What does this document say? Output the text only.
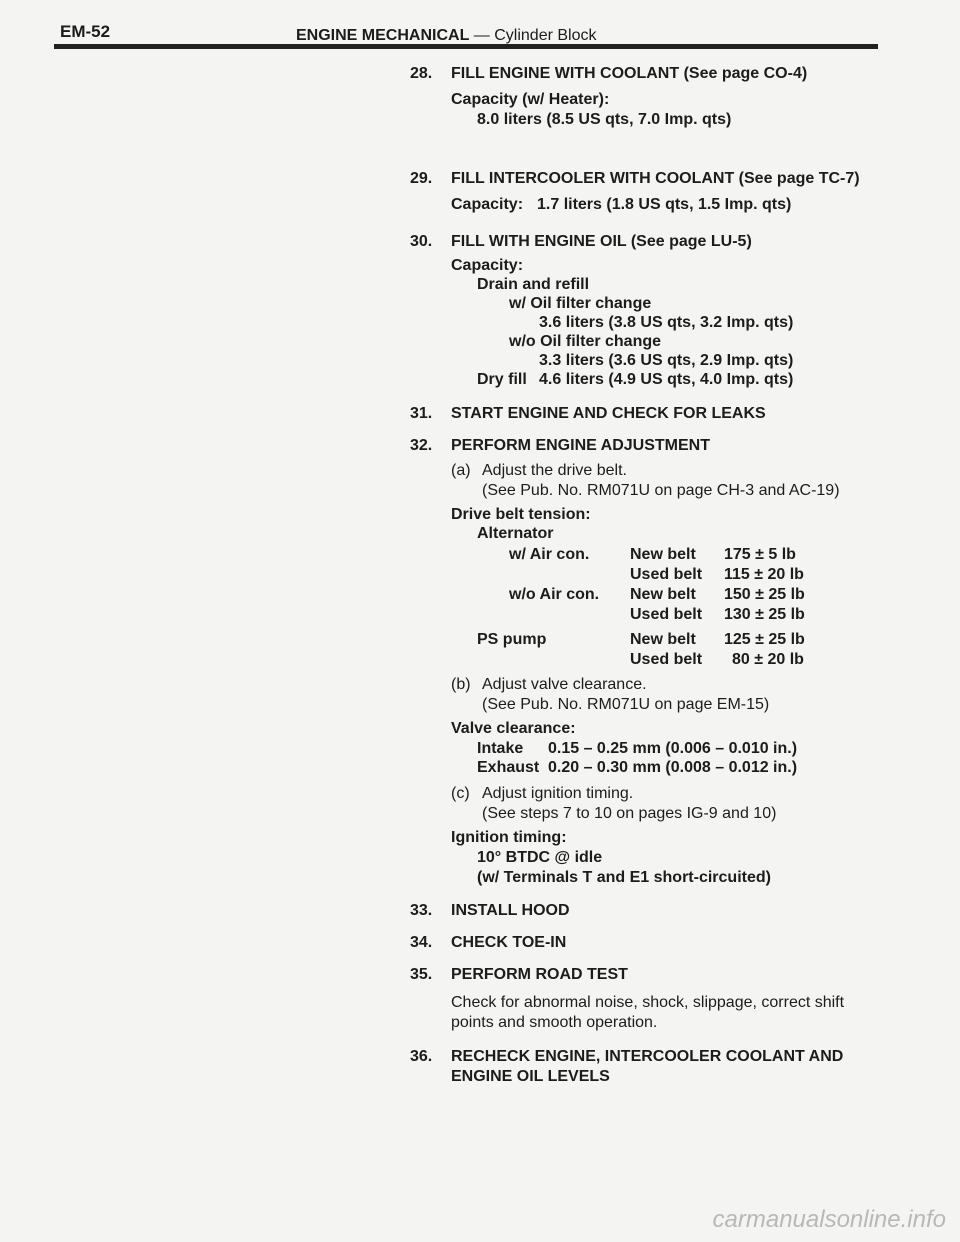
EM-52	ENGINE MECHANICAL — Cylinder Block
28. FILL ENGINE WITH COOLANT (See page CO-4)
Capacity (w/ Heater):
8.0 liters (8.5 US qts, 7.0 Imp. qts)
29. FILL INTERCOOLER WITH COOLANT (See page TC-7)
Capacity: 1.7 liters (1.8 US qts, 1.5 Imp. qts)
30. FILL WITH ENGINE OIL (See page LU-5)
Capacity:
Drain and refill
w/ Oil filter change
3.6 liters (3.8 US qts, 3.2 Imp. qts)
w/o Oil filter change
3.3 liters (3.6 US qts, 2.9 Imp. qts)
Dry fill 4.6 liters (4.9 US qts, 4.0 Imp. qts)
31. START ENGINE AND CHECK FOR LEAKS
32. PERFORM ENGINE ADJUSTMENT
(a) Adjust the drive belt.
(See Pub. No. RM071U on page CH-3 and AC-19)
Drive belt tension:
Alternator
w/ Air con.	New belt 175 ± 5 lb
Used belt 115 ± 20 lb
w/o Air con. New belt 150 ± 25 lb
Used belt 130 ± 25 lb
PS pump	New belt 125 ± 25 lb
Used belt 80 ± 20 lb
(b) Adjust valve clearance.
(See Pub. No. RM071U on page EM-15)
Valve clearance:
Intake 0.15 – 0.25 mm (0.006 – 0.010 in.)
Exhaust 0.20 – 0.30 mm (0.008 – 0.012 in.)
(c) Adjust ignition timing.
(See steps 7 to 10 on pages IG-9 and 10)
Ignition timing:
10° BTDC @ idle
(w/ Terminals T and E1 short-circuited)
33. INSTALL HOOD
34. CHECK TOE-IN
35. PERFORM ROAD TEST
Check for abnormal noise, shock, slippage, correct shift
points and smooth operation.
36. RECHECK ENGINE, INTERCOOLER COOLANT AND
ENGINE OIL LEVELS
carmanualsonline.info
